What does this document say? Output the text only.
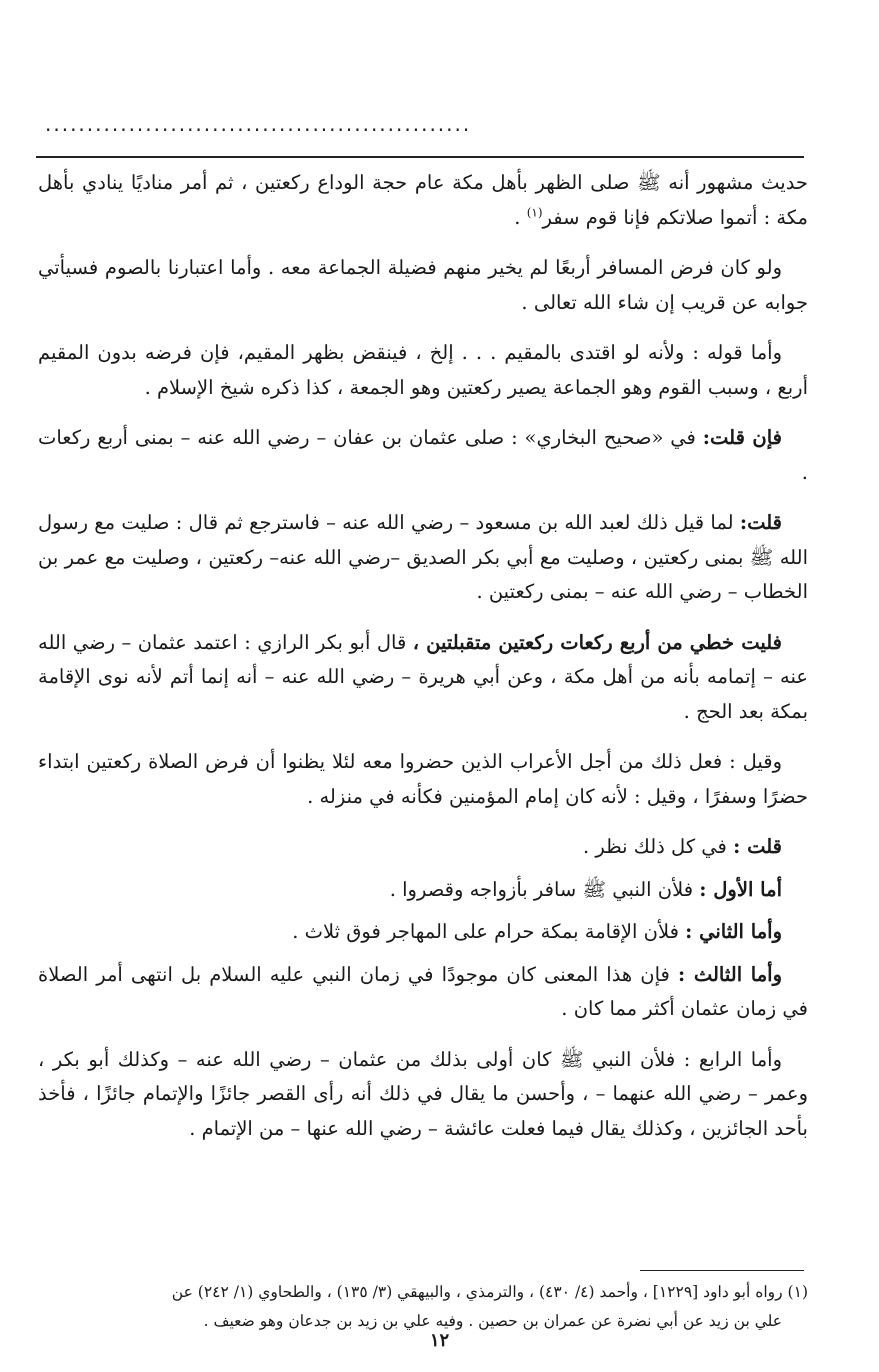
...................................................

حديث مشهور أنه ﷺ صلى الظهر بأهل مكة عام حجة الوداع ركعتين ، ثم أمر مناديًا ينادي بأهل مكة : أتموا صلاتكم فإنا قوم سفر$^{(١)}$ .

ولو كان فرض المسافر أربعًا لم يخير منهم فضيلة الجماعة معه . وأما اعتبارنا بالصوم فسيأتي جوابه عن قريب إن شاء الله تعالى .

وأما قوله : ولأنه لو اقتدى بالمقيم . . . إلخ ، فينقض بظهر المقيم، فإن فرضه بدون المقيم أربع ، وسبب القوم وهو الجماعة يصير ركعتين وهو الجمعة ، كذا ذكره شيخ الإسلام .

فإن قلت: في «صحيح البخاري» : صلى عثمان بن عفان – رضي الله عنه – بمنى أربع ركعات .

قلت: لما قيل ذلك لعبد الله بن مسعود – رضي الله عنه – فاسترجع ثم قال : صليت مع رسول الله ﷺ بمنى ركعتين ، وصليت مع أبي بكر الصديق –رضي الله عنه– ركعتين ، وصليت مع عمر بن الخطاب – رضي الله عنه – بمنى ركعتين .

فليت خطي من أربع ركعات ركعتين متقبلتين ، قال أبو بكر الرازي : اعتمد عثمان – رضي الله عنه – إتمامه بأنه من أهل مكة ، وعن أبي هريرة – رضي الله عنه – أنه إنما أتم لأنه نوى الإقامة بمكة بعد الحج .

وقيل : فعل ذلك من أجل الأعراب الذين حضروا معه لئلا يظنوا أن فرض الصلاة ركعتين ابتداء حضرًا وسفرًا ، وقيل : لأنه كان إمام المؤمنين فكأنه في منزله .

قلت : في كل ذلك نظر .

أما الأول : فلأن النبي ﷺ سافر بأزواجه وقصروا .

وأما الثاني : فلأن الإقامة بمكة حرام على المهاجر فوق ثلاث .

وأما الثالث : فإن هذا المعنى كان موجودًا في زمان النبي عليه السلام بل انتهى أمر الصلاة في زمان عثمان أكثر مما كان .

وأما الرابع : فلأن النبي ﷺ كان أولى بذلك من عثمان – رضي الله عنه – وكذلك أبو بكر ، وعمر – رضي الله عنهما – ، وأحسن ما يقال في ذلك أنه رأى القصر جائزًا والإتمام جائزًا ، فأخذ بأحد الجائزين ، وكذلك يقال فيما فعلت عائشة – رضي الله عنها – من الإتمام .

(١) رواه أبو داود [١٢٢٩] ، وأحمد (٤/ ٤٣٠) ، والترمذي ، والبيهقي (٣/ ١٣٥) ، والطحاوي (١/ ٢٤٢) عن
علي بن زيد عن أبي نضرة عن عمران بن حصين . وفيه علي بن زيد بن جدعان وهو ضعيف .
١٢
